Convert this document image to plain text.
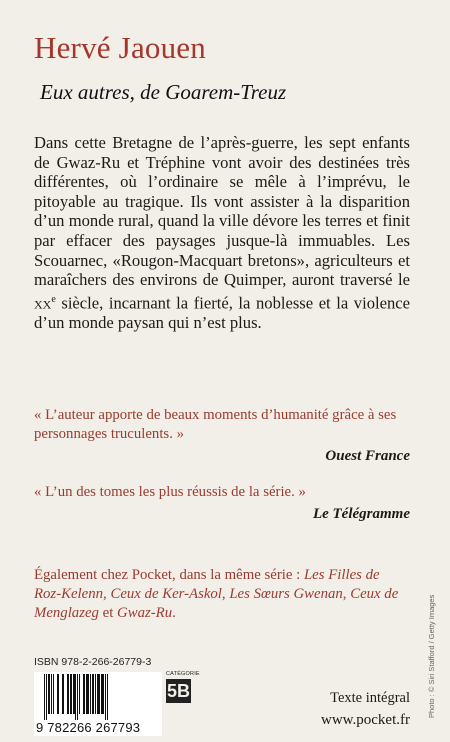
Hervé Jaouen
Eux autres, de Goarem-Treuz
Dans cette Bretagne de l’après-guerre, les sept enfants de Gwaz-Ru et Tréphine vont avoir des destinées très différentes, où l’ordinaire se mêle à l’imprévu, le pitoyable au tragique. Ils vont assister à la disparition d’un monde rural, quand la ville dévore les terres et finit par effacer des paysages jusque-là immuables. Les Scouarnec, «Rougon-Macquart bretons», agriculteurs et maraîchers des environs de Quimper, auront traversé le $xx^e$ siècle, incarnant la fierté, la noblesse et la violence d’un monde paysan qui n’est plus.
« L’auteur apporte de beaux moments d’humanité grâce à ses personnages truculents. »
Ouest France
« L’un des tomes les plus réussis de la série. »
Le Télégramme
Également chez Pocket, dans la même série : Les Filles de Roz-Kelenn, Ceux de Ker-Askol, Les Sœurs Gwenan, Ceux de Menglazeg et Gwaz-Ru.
ISBN 978-2-266-26779-3
9 782266 267793
CATÉGORIE
5B	Texte intégral
www.pocket.fr
Photo : © Siri Stafford / Getty Images
